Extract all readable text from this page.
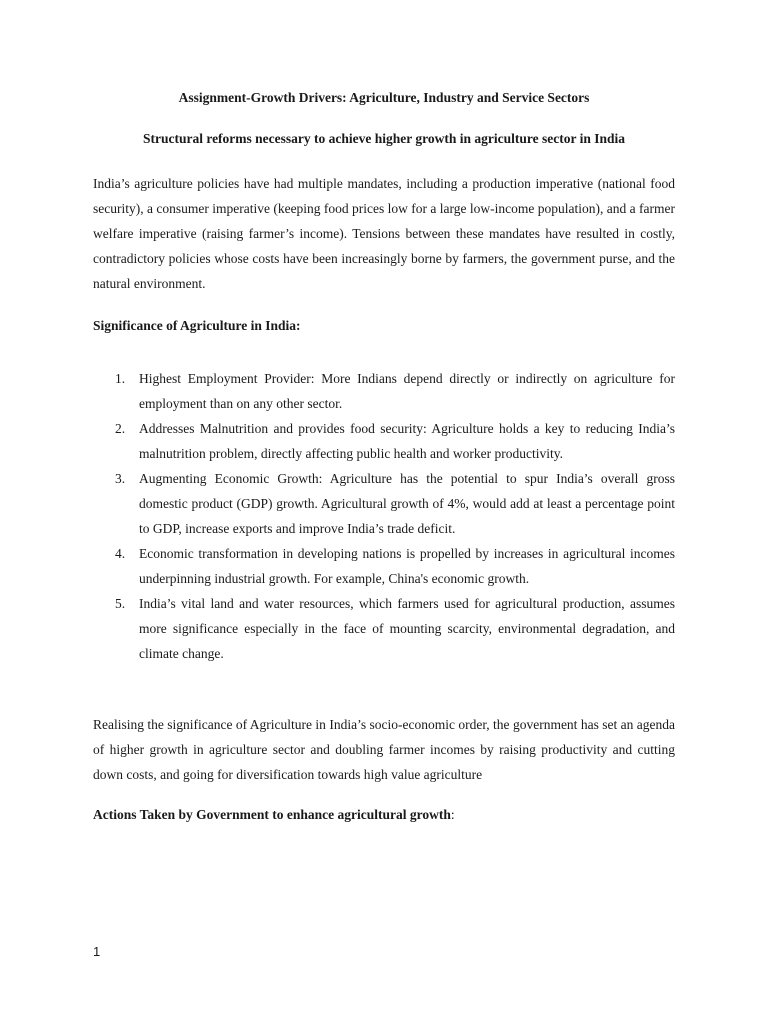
Assignment-Growth Drivers: Agriculture, Industry and Service Sectors

Structural reforms necessary to achieve higher growth in agriculture sector in India

India’s agriculture policies have had multiple mandates, including a production imperative (national food security), a consumer imperative (keeping food prices low for a large low-income population), and a farmer welfare imperative (raising farmer’s income). Tensions between these mandates have resulted in costly, contradictory policies whose costs have been increasingly borne by farmers, the government purse, and the natural environment.

Significance of Agriculture in India:

1. Highest Employment Provider: More Indians depend directly or indirectly on agriculture for employment than on any other sector.
2. Addresses Malnutrition and provides food security: Agriculture holds a key to reducing India’s malnutrition problem, directly affecting public health and worker productivity.
3. Augmenting Economic Growth: Agriculture has the potential to spur India’s overall gross domestic product (GDP) growth. Agricultural growth of 4%, would add at least a percentage point to GDP, increase exports and improve India’s trade deficit.
4. Economic transformation in developing nations is propelled by increases in agricultural incomes underpinning industrial growth. For example, China's economic growth.
5. India’s vital land and water resources, which farmers used for agricultural production, assumes more significance especially in the face of mounting scarcity, environmental degradation, and climate change.

Realising the significance of Agriculture in India’s socio-economic order, the government has set an agenda of higher growth in agriculture sector and doubling farmer incomes by raising productivity and cutting down costs, and going for diversification towards high value agriculture

Actions Taken by Government to enhance agricultural growth:

1
